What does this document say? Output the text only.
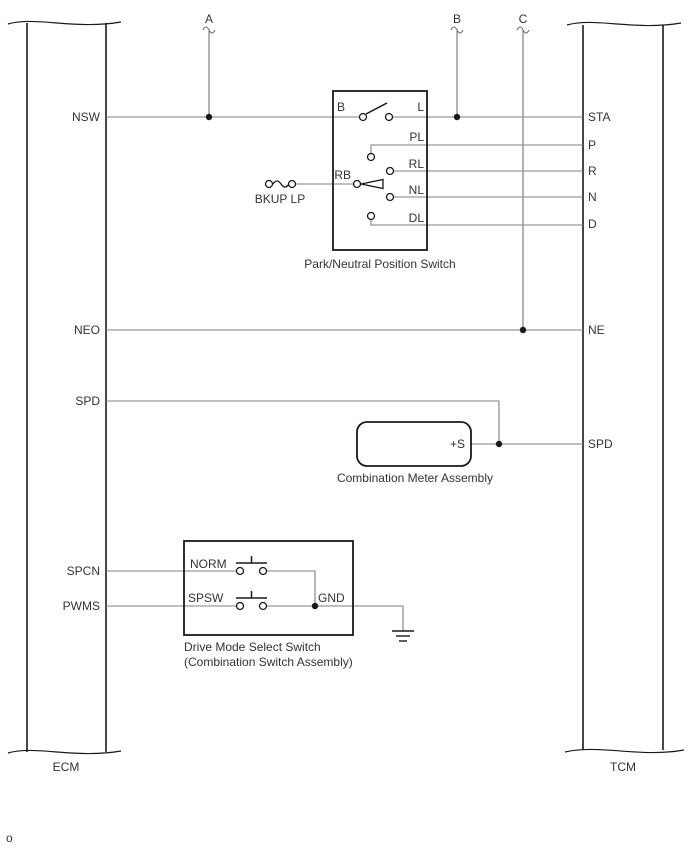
A	B	C
NSW
NEO
SPD
SPCN
PWMS
STA
P
R
N
D
NE
SPD
B	L
PL
RL
NL
DL
RB
Park/Neutral Position Switch
BKUP LP
+S
Combination Meter Assembly
NORM
SPSW	GND
Drive Mode Select Switch
(Combination Switch Assembly)
ECM	TCM
o
